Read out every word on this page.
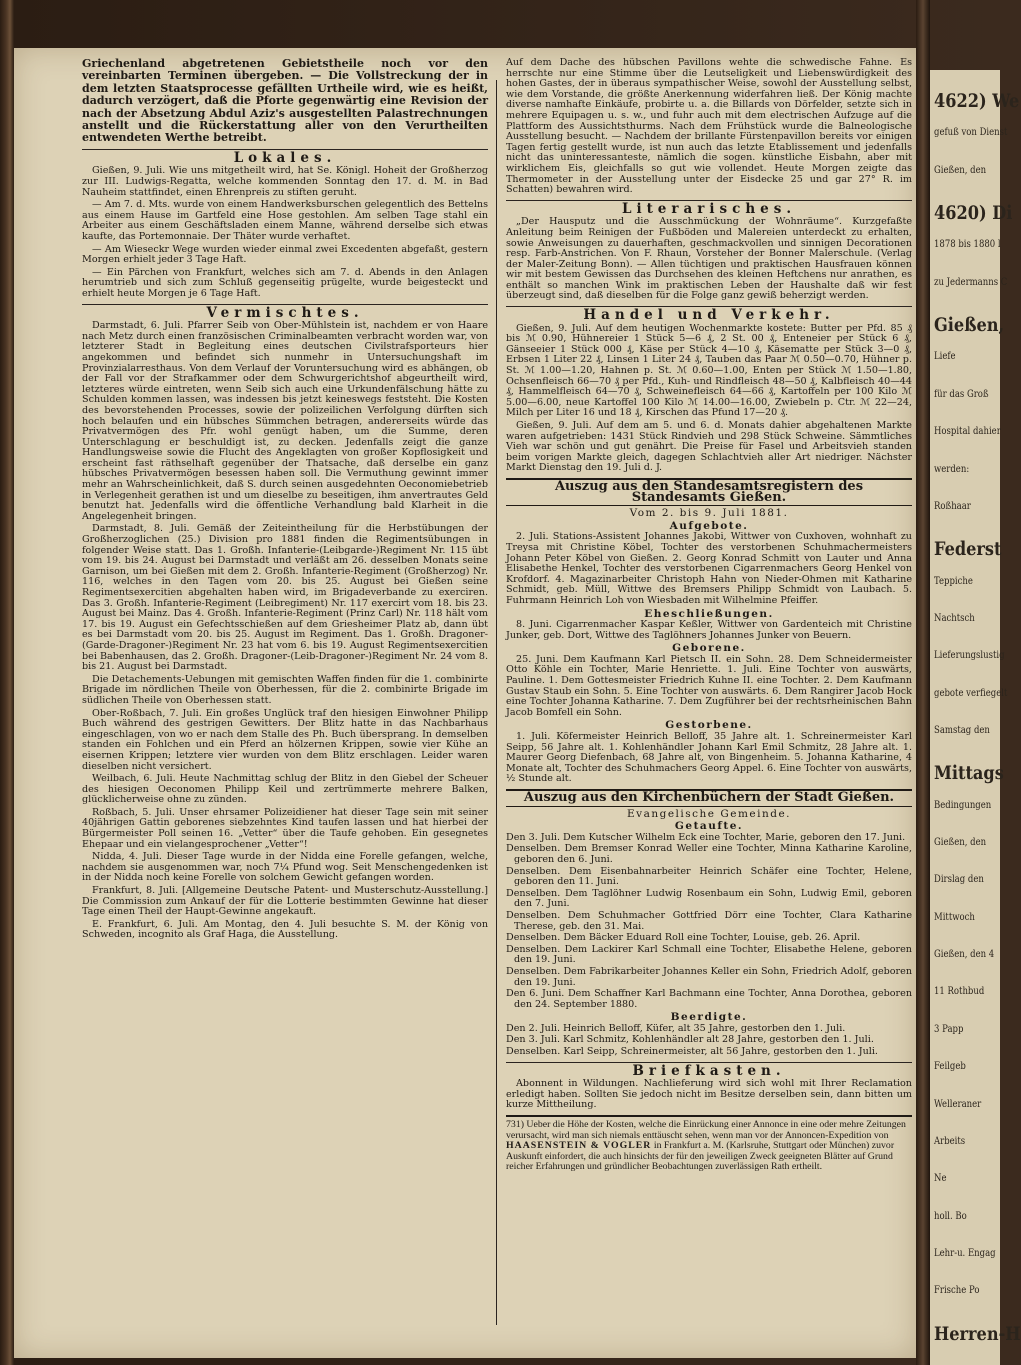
4622) We
gefuß von Dienst
Gießen, den
4620) Di
1878 bis 1880 l
zu Jedermanns C
Gießen,
Liefe
für das Groß
Hospital dahier
werden:
Roßhaar
Federst
Teppiche
Nachtsch
Lieferungslustig
gebote verfiegelt
Samstag den
Mittags
Bedingungen
Gießen, den
Dirslag den
Mittwoch
Gießen, den 4
11 Rothbud
3 Papp
Feilgeb
Welleraner
Arbeits
Ne
holl. Bo
Lehr-u. Engag
Frische Po
Herren-H

Griechenland abgetretenen Gebietstheile noch vor den vereinbarten Terminen übergeben. — Die Vollstreckung der in dem letzten Staatsprocesse gefällten Urtheile wird, wie es heißt, dadurch verzögert, daß die Pforte gegenwärtig eine Revision der nach der Absetzung Abdul Aziz's ausgestellten Palastrechnungen anstellt und die Rückerstattung aller von den Verurtheilten entwendeten Werthe betreibt.

Lokales.

Gießen, 9. Juli. Wie uns mitgetheilt wird, hat Se. Königl. Hoheit der Großherzog zur III. Ludwigs-Regatta, welche kommenden Sonntag den 17. d. M. in Bad Nauheim stattfindet, einen Ehrenpreis zu stiften geruht.

— Am 7. d. Mts. wurde von einem Handwerksburschen gelegentlich des Bettelns aus einem Hause im Gartfeld eine Hose gestohlen. Am selben Tage stahl ein Arbeiter aus einem Geschäftsladen einem Manne, während derselbe sich etwas kaufte, das Portemonnaie. Der Thäter wurde verhaftet.

— Am Wieseckr Wege wurden wieder einmal zwei Excedenten abgefaßt, gestern Morgen erhielt jeder 3 Tage Haft.

— Ein Pärchen von Frankfurt, welches sich am 7. d. Abends in den Anlagen herumtrieb und sich zum Schluß gegenseitig prügelte, wurde beigesteckt und erhielt heute Morgen je 6 Tage Haft.

Vermischtes.

Darmstadt, 6. Juli. Pfarrer Seib von Ober-Mühlstein ist, nachdem er von Haare nach Metz durch einen französischen Criminalbeamten verbracht worden war, von letzterer Stadt in Begleitung eines deutschen Civilstrafsporteurs hier angekommen und befindet sich nunmehr in Untersuchungshaft im Provinzialarresthaus. Von dem Verlauf der Voruntersuchung wird es abhängen, ob der Fall vor der Strafkammer oder dem Schwurgerichtshof abgeurtheilt wird, letzteres würde eintreten, wenn Seib sich auch eine Urkundenfälschung hätte zu Schulden kommen lassen, was indessen bis jetzt keineswegs feststeht. Die Kosten des bevorstehenden Processes, sowie der polizeilichen Verfolgung dürften sich hoch belaufen und ein hübsches Sümmchen betragen, andererseits würde das Privatvermögen des Pfr. wohl genügt haben, um die Summe, deren Unterschlagung er beschuldigt ist, zu decken. Jedenfalls zeigt die ganze Handlungsweise sowie die Flucht des Angeklagten von großer Kopflosigkeit und erscheint fast räthselhaft gegenüber der Thatsache, daß derselbe ein ganz hübsches Privatvermögen besessen haben soll. Die Vermuthung gewinnt immer mehr an Wahrscheinlichkeit, daß S. durch seinen ausgedehnten Oeconomiebetrieb in Verlegenheit gerathen ist und um dieselbe zu beseitigen, ihm anvertrautes Geld benutzt hat. Jedenfalls wird die öffentliche Verhandlung bald Klarheit in die Angelegenheit bringen.

Darmstadt, 8. Juli. Gemäß der Zeiteintheilung für die Herbstübungen der Großherzoglichen (25.) Division pro 1881 finden die Regimentsübungen in folgender Weise statt. Das 1. Großh. Infanterie-(Leibgarde-)Regiment Nr. 115 übt vom 19. bis 24. August bei Darmstadt und verläßt am 26. desselben Monats seine Garnison, um bei Gießen mit dem 2. Großh. Infanterie-Regiment (Großherzog) Nr. 116, welches in den Tagen vom 20. bis 25. August bei Gießen seine Regimentsexercitien abgehalten haben wird, im Brigadeverbande zu exerciren. Das 3. Großh. Infanterie-Regiment (Leibregiment) Nr. 117 exercirt vom 18. bis 23. August bei Mainz. Das 4. Großh. Infanterie-Regiment (Prinz Carl) Nr. 118 hält vom 17. bis 19. August ein Gefechtsschießen auf dem Griesheimer Platz ab, dann übt es bei Darmstadt vom 20. bis 25. August im Regiment. Das 1. Großh. Dragoner-(Garde-Dragoner-)Regiment Nr. 23 hat vom 6. bis 19. August Regimentsexercitien bei Babenhausen, das 2. Großh. Dragoner-(Leib-Dragoner-)Regiment Nr. 24 vom 8. bis 21. August bei Darmstadt.

Die Detachements-Uebungen mit gemischten Waffen finden für die 1. combinirte Brigade im nördlichen Theile von Oberhessen, für die 2. combinirte Brigade im südlichen Theile von Oberhessen statt.

Ober-Roßbach, 7. Juli. Ein großes Unglück traf den hiesigen Einwohner Philipp Buch während des gestrigen Gewitters. Der Blitz hatte in das Nachbarhaus eingeschlagen, von wo er nach dem Stalle des Ph. Buch übersprang. In demselben standen ein Fohlchen und ein Pferd an hölzernen Krippen, sowie vier Kühe an eisernen Krippen; letztere vier wurden von dem Blitz erschlagen. Leider waren dieselben nicht versichert.

Weilbach, 6. Juli. Heute Nachmittag schlug der Blitz in den Giebel der Scheuer des hiesigen Oeconomen Philipp Keil und zertrümmerte mehrere Balken, glücklicherweise ohne zu zünden.

Roßbach, 5. Juli. Unser ehrsamer Polizeidiener hat dieser Tage sein mit seiner 40jährigen Gattin geborenes siebzehntes Kind taufen lassen und hat hierbei der Bürgermeister Poll seinen 16. „Vetter“ über die Taufe gehoben. Ein gesegnetes Ehepaar und ein vielangesprochener „Vetter“!

Nidda, 4. Juli. Dieser Tage wurde in der Nidda eine Forelle gefangen, welche, nachdem sie ausgenommen war, noch 7¼ Pfund wog. Seit Menschengedenken ist in der Nidda noch keine Forelle von solchem Gewicht gefangen worden.

Frankfurt, 8. Juli. [Allgemeine Deutsche Patent- und Musterschutz-Ausstellung.] Die Commission zum Ankauf der für die Lotterie bestimmten Gewinne hat dieser Tage einen Theil der Haupt-Gewinne angekauft.

E. Frankfurt, 6. Juli. Am Montag, den 4. Juli besuchte S. M. der König von Schweden, incognito als Graf Haga, die Ausstellung.

Auf dem Dache des hübschen Pavillons wehte die schwedische Fahne. Es herrschte nur eine Stimme über die Leutseligkeit und Liebenswürdigkeit des hohen Gastes, der in überaus sympathischer Weise, sowohl der Ausstellung selbst, wie dem Vorstande, die größte Anerkennung widerfahren ließ. Der König machte diverse namhafte Einkäufe, probirte u. a. die Billards von Dörfelder, setzte sich in mehrere Equipagen u. s. w., und fuhr auch mit dem electrischen Aufzuge auf die Plattform des Aussichtsthurms. Nach dem Frühstück wurde die Balneologische Ausstellung besucht. — Nachdem der brillante Fürstenpavillon bereits vor einigen Tagen fertig gestellt wurde, ist nun auch das letzte Etablissement und jedenfalls nicht das uninteressanteste, nämlich die sogen. künstliche Eisbahn, aber mit wirklichem Eis, gleichfalls so gut wie vollendet. Heute Morgen zeigte das Thermometer in der Ausstellung unter der Eisdecke 25 und gar 27° R. im Schatten) bewahren wird.

Literarisches.

„Der Hausputz und die Ausschmückung der Wohnräume“. Kurzgefaßte Anleitung beim Reinigen der Fußböden und Malereien unterdeckt zu erhalten, sowie Anweisungen zu dauerhaften, geschmackvollen und sinnigen Decorationen resp. Farb-Anstrichen. Von F. Rhaun, Vorsteher der Bonner Malerschule. (Verlag der Maler-Zeitung Bonn). — Allen tüchtigen und praktischen Hausfrauen können wir mit bestem Gewissen das Durchsehen des kleinen Heftchens nur anrathen, es enthält so manchen Wink im praktischen Leben der Haushalte daß wir fest überzeugt sind, daß dieselben für die Folge ganz gewiß beherzigt werden.

Handel und Verkehr.

Gießen, 9. Juli. Auf dem heutigen Wochenmarkte kostete: Butter per Pfd. 85 ₰ bis ℳ 0.90, Hühnereier 1 Stück 5—6 ₰, 2 St. 00 ₰, Enteneier per Stück 6 ₰, Gänseeier 1 Stück 000 ₰, Käse per Stück 4—10 ₰, Käsematte per Stück 3—0 ₰, Erbsen 1 Liter 22 ₰, Linsen 1 Liter 24 ₰, Tauben das Paar ℳ 0.50—0.70, Hühner p. St. ℳ 1.00—1.20, Hahnen p. St. ℳ 0.60—1.00, Enten per Stück ℳ 1.50—1.80, Ochsenfleisch 66—70 ₰ per Pfd., Kuh- und Rindfleisch 48—50 ₰, Kalbfleisch 40—44 ₰, Hammelfleisch 64—70 ₰, Schweinefleisch 64—66 ₰, Kartoffeln per 100 Kilo ℳ 5.00—6.00, neue Kartoffel 100 Kilo ℳ 14.00—16.00, Zwiebeln p. Ctr. ℳ 22—24, Milch per Liter 16 und 18 ₰, Kirschen das Pfund 17—20 ₰.

Gießen, 9. Juli. Auf dem am 5. und 6. d. Monats dahier abgehaltenen Markte waren aufgetrieben: 1431 Stück Rindvieh und 298 Stück Schweine. Sämmtliches Vieh war schön und gut genährt. Die Preise für Fasel und Arbeitsvieh standen beim vorigen Markte gleich, dagegen Schlachtvieh aller Art niedriger. Nächster Markt Dienstag den 19. Juli d. J.

Auszug aus den Standesamtsregistern des Standesamts Gießen.
Vom 2. bis 9. Juli 1881.
Aufgebote.

2. Juli. Stations-Assistent Johannes Jakobi, Wittwer von Cuxhoven, wohnhaft zu Treysa mit Christine Köbel, Tochter des verstorbenen Schuhmachermeisters Johann Peter Köbel von Gießen. 2. Georg Konrad Schmitt von Lauter und Anna Elisabethe Henkel, Tochter des verstorbenen Cigarrenmachers Georg Henkel von Krofdorf. 4. Magazinarbeiter Christoph Hahn von Nieder-Ohmen mit Katharine Schmidt, geb. Müll, Wittwe des Bremsers Philipp Schmidt von Laubach. 5. Fuhrmann Heinrich Loh von Wiesbaden mit Wilhelmine Pfeiffer.

Eheschließungen.

8. Juni. Cigarrenmacher Kaspar Keßler, Wittwer von Gardenteich mit Christine Junker, geb. Dort, Wittwe des Taglöhners Johannes Junker von Beuern.

Geborene.

25. Juni. Dem Kaufmann Karl Pietsch II. ein Sohn. 28. Dem Schneidermeister Otto Köhle ein Tochter, Marie Henriette. 1. Juli. Eine Tochter von auswärts, Pauline. 1. Dem Gottesmeister Friedrich Kuhne II. eine Tochter. 2. Dem Kaufmann Gustav Staub ein Sohn. 5. Eine Tochter von auswärts. 6. Dem Rangirer Jacob Hock eine Tochter Johanna Katharine. 7. Dem Zugführer bei der rechtsrheinischen Bahn Jacob Bomfell ein Sohn.

Gestorbene.

1. Juli. Köfermeister Heinrich Belloff, 35 Jahre alt. 1. Schreinermeister Karl Seipp, 56 Jahre alt. 1. Kohlenhändler Johann Karl Emil Schmitz, 28 Jahre alt. 1. Maurer Georg Diefenbach, 68 Jahre alt, von Bingenheim. 5. Johanna Katharine, 4 Monate alt, Tochter des Schuhmachers Georg Appel. 6. Eine Tochter von auswärts, ½ Stunde alt.

Auszug aus den Kirchenbüchern der Stadt Gießen.
Evangelische Gemeinde.
Getaufte.

Den 3. Juli. Dem Kutscher Wilhelm Eck eine Tochter, Marie, geboren den 17. Juni.

Denselben. Dem Bremser Konrad Weller eine Tochter, Minna Katharine Karoline, geboren den 6. Juni.

Denselben. Dem Eisenbahnarbeiter Heinrich Schäfer eine Tochter, Helene, geboren den 11. Juni.

Denselben. Dem Taglöhner Ludwig Rosenbaum ein Sohn, Ludwig Emil, geboren den 7. Juni.

Denselben. Dem Schuhmacher Gottfried Dörr eine Tochter, Clara Katharine Therese, geb. den 31. Mai.

Denselben. Dem Bäcker Eduard Roll eine Tochter, Louise, geb. 26. April.

Denselben. Dem Lackirer Karl Schmall eine Tochter, Elisabethe Helene, geboren den 19. Juni.

Denselben. Dem Fabrikarbeiter Johannes Keller ein Sohn, Friedrich Adolf, geboren den 19. Juni.

Den 6. Juni. Dem Schaffner Karl Bachmann eine Tochter, Anna Dorothea, geboren den 24. September 1880.

Beerdigte.

Den 2. Juli. Heinrich Belloff, Küfer, alt 35 Jahre, gestorben den 1. Juli.

Den 3. Juli. Karl Schmitz, Kohlenhändler alt 28 Jahre, gestorben den 1. Juli.

Denselben. Karl Seipp, Schreinermeister, alt 56 Jahre, gestorben den 1. Juli.

Briefkasten.

Abonnent in Wildungen. Nachlieferung wird sich wohl mit Ihrer Reclamation erledigt haben. Sollten Sie jedoch nicht im Besitze derselben sein, dann bitten um kurze Mittheilung.

731) Ueber die Höhe der Kosten, welche die Einrückung einer Annonce in eine oder mehre Zeitungen verursacht, wird man sich niemals enttäuscht sehen, wenn man vor der Annoncen-Expedition von HAASENSTEIN & VOGLER in Frankfurt a. M. (Karlsruhe, Stuttgart oder München) zuvor Auskunft einfordert, die auch hinsichts der für den jeweiligen Zweck geeigneten Blätter auf Grund reicher Erfahrungen und gründlicher Beobachtungen zuverlässigen Rath ertheilt.
